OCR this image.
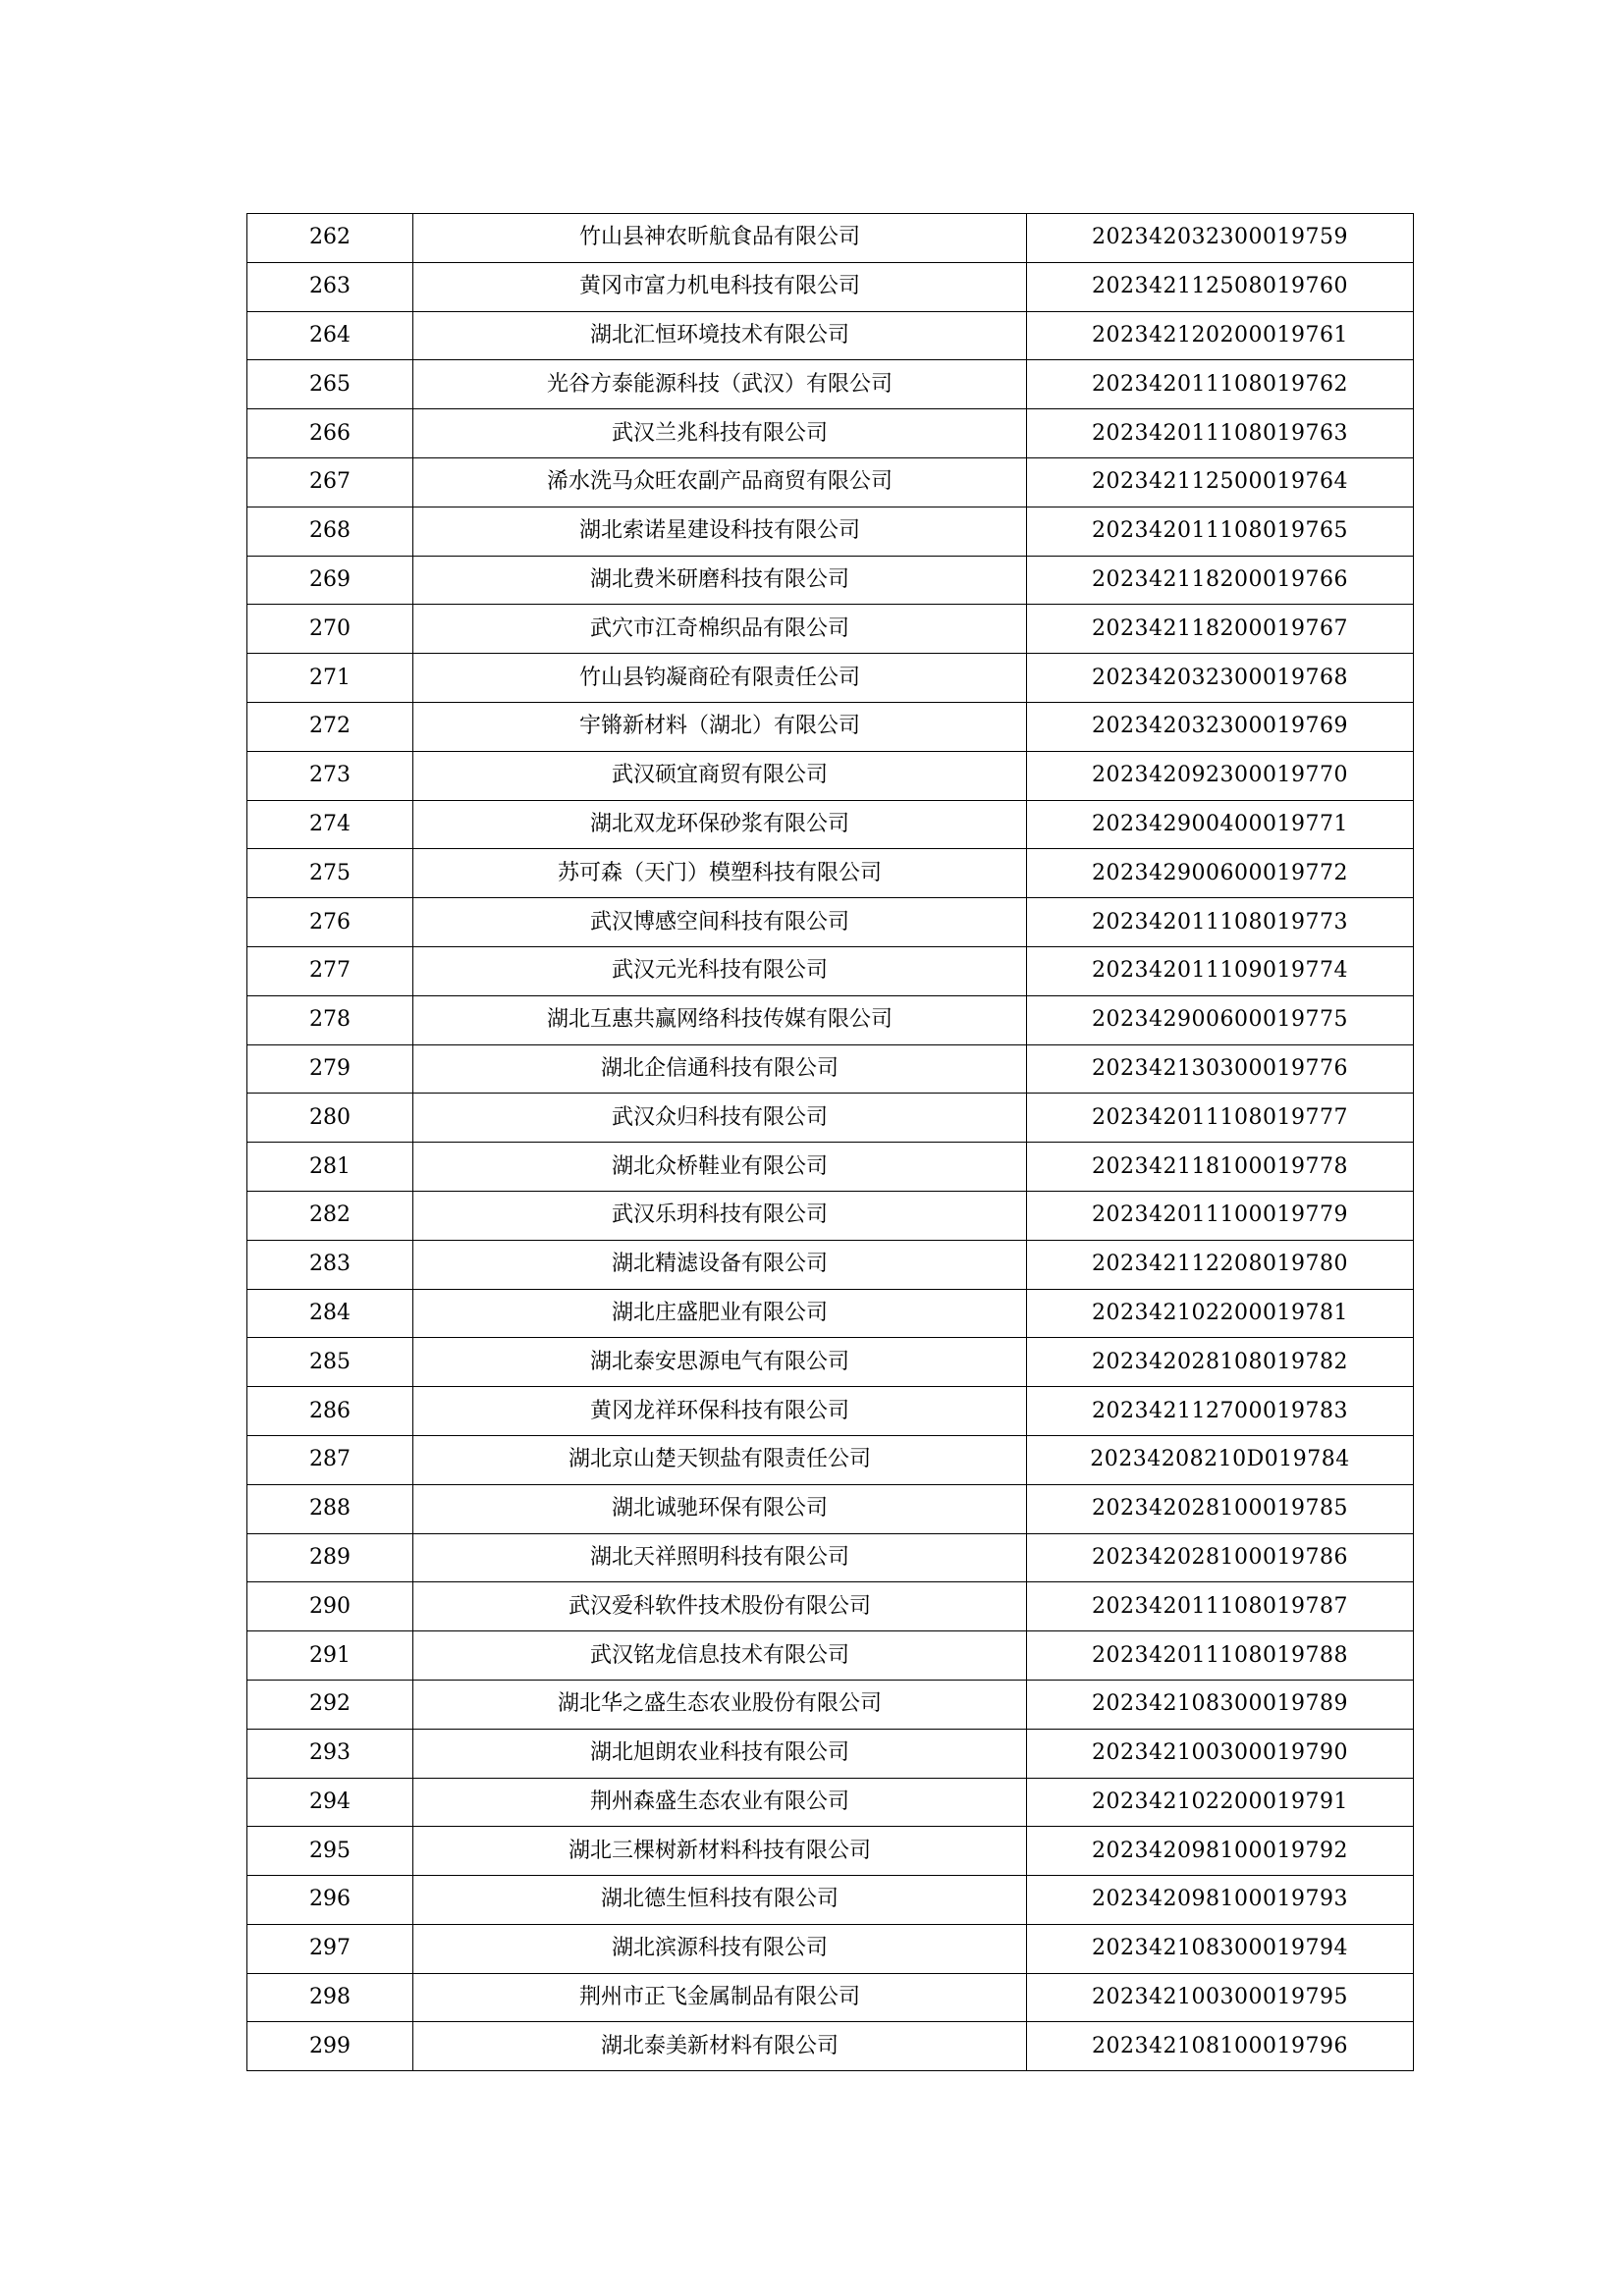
262	竹山县神农昕航食品有限公司	202342032300019759
263	黄冈市富力机电科技有限公司	202342112508019760
264	湖北汇恒环境技术有限公司	202342120200019761
265	光谷方泰能源科技（武汉）有限公司	202342011108019762
266	武汉兰兆科技有限公司	202342011108019763
267	浠水洗马众旺农副产品商贸有限公司	202342112500019764
268	湖北索诺星建设科技有限公司	202342011108019765
269	湖北费米研磨科技有限公司	202342118200019766
270	武穴市江奇棉织品有限公司	202342118200019767
271	竹山县钧凝商砼有限责任公司	202342032300019768
272	宇锵新材料（湖北）有限公司	202342032300019769
273	武汉硕宜商贸有限公司	202342092300019770
274	湖北双龙环保砂浆有限公司	202342900400019771
275	苏可森（天门）模塑科技有限公司	202342900600019772
276	武汉博感空间科技有限公司	202342011108019773
277	武汉元光科技有限公司	202342011109019774
278	湖北互惠共赢网络科技传媒有限公司	202342900600019775
279	湖北企信通科技有限公司	202342130300019776
280	武汉众归科技有限公司	202342011108019777
281	湖北众桥鞋业有限公司	202342118100019778
282	武汉乐玥科技有限公司	202342011100019779
283	湖北精滤设备有限公司	202342112208019780
284	湖北庄盛肥业有限公司	202342102200019781
285	湖北泰安思源电气有限公司	202342028108019782
286	黄冈龙祥环保科技有限公司	202342112700019783
287	湖北京山楚天钡盐有限责任公司	20234208210D019784
288	湖北诚驰环保有限公司	202342028100019785
289	湖北天祥照明科技有限公司	202342028100019786
290	武汉爱科软件技术股份有限公司	202342011108019787
291	武汉铭龙信息技术有限公司	202342011108019788
292	湖北华之盛生态农业股份有限公司	202342108300019789
293	湖北旭朗农业科技有限公司	202342100300019790
294	荆州森盛生态农业有限公司	202342102200019791
295	湖北三棵树新材料科技有限公司	202342098100019792
296	湖北德生恒科技有限公司	202342098100019793
297	湖北滨源科技有限公司	202342108300019794
298	荆州市正飞金属制品有限公司	202342100300019795
299	湖北泰美新材料有限公司	202342108100019796
